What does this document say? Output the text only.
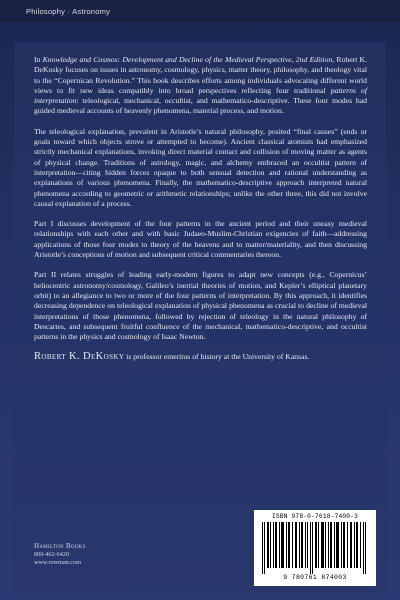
Philosophy · Astronomy

In Knowledge and Cosmos: Development and Decline of the Medieval Perspective, 2nd Edition, Robert K. DeKosky focuses on issues in astronomy, cosmology, physics, matter theory, philosophy, and theology vital to the “Copernican Revolution.” This book describes efforts among individuals advocating different world views to fit new ideas compatibly into broad perspectives reflecting four traditional patterns of interpretation: teleological, mechanical, occultist, and mathematico-descriptive. These four modes had guided medieval accounts of heavenly phenomena, material process, and motion.

The teleological explanation, prevalent in Aristotle’s natural philosophy, posited “final causes” (ends or goals toward which objects strove or attempted to become). Ancient classical atomists had emphasized strictly mechanical explanations, invoking direct material contact and collision of moving matter as agents of physical change. Traditions of astrology, magic, and alchemy embraced an occultist pattern of interpretation—citing hidden forces opaque to both sensual detection and rational understanding as explanations of various phenomena. Finally, the mathematico-descriptive approach interpreted natural phenomena according to geometric or arithmetic relationships; unlike the other three, this did not involve causal explanation of a process.

Part I discusses development of the four patterns in the ancient period and their uneasy medieval relationships with each other and with basic Judaeo-Muslim-Christian exigencies of faith—addressing applications of those four modes to theory of the heavens and to matter/materiality, and then discussing Aristotle’s conceptions of motion and subsequent critical commentaries thereon.

Part II relates struggles of leading early-modern figures to adapt new concepts (e.g., Copernicus’ heliocentric astronomy/cosmology, Galileo’s inertial theories of motion, and Kepler’s elliptical planetary orbit) to an allegiance to two or more of the four patterns of interpretation. By this approach, it identifies decreasing dependence on teleological explanation of physical phenomena as crucial to decline of medieval interpretations of those phenomena, followed by rejection of teleology in the natural philosophy of Descartes, and subsequent fruitful confluence of the mechanical, mathematico-descriptive, and occultist patterns in the physics and cosmology of Isaac Newton.

Robert K. DeKosky is professor emeritus of history at the University of Kansas.

Hamilton Books
800-462-6420
www.rowman.com
ISBN 978-0-7618-7400-3
9 780761 874003
